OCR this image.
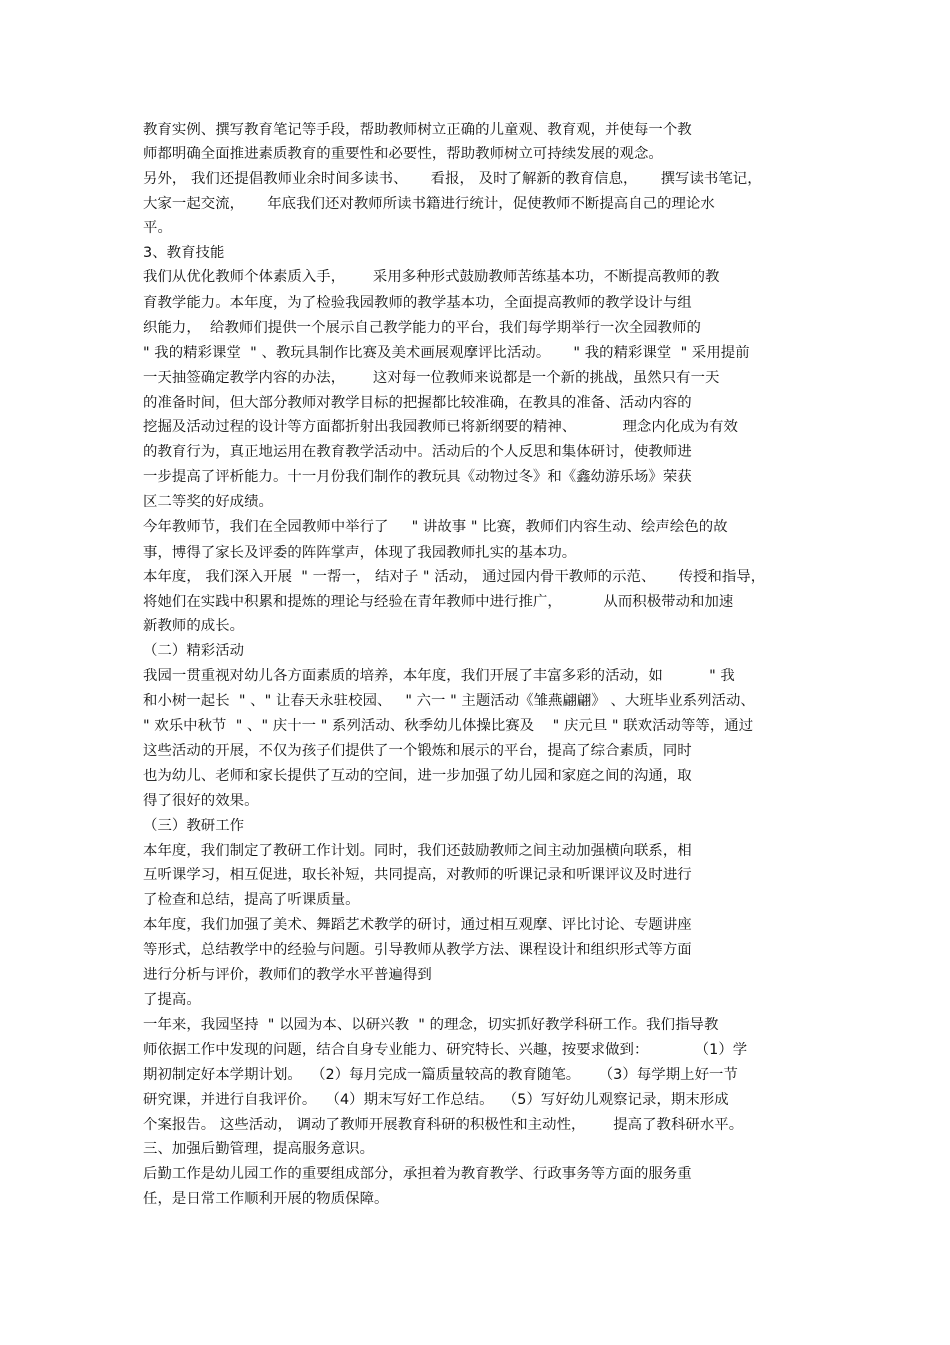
教育实例、撰写教育笔记等手段，帮助教师树立正确的儿童观、教育观，并使每一个教
师都明确全面推进素质教育的重要性和必要性，帮助教师树立可持续发展的观念。
另外， 我们还提倡教师业余时间多读书、     看报， 及时了解新的教育信息，     撰写读书笔记，
大家一起交流，     年底我们还对教师所读书籍进行统计，促使教师不断提高自己的理论水
平。
3、教育技能
我们从优化教师个体素质入手，      采用多种形式鼓励教师苦练基本功，不断提高教师的教
育教学能力。本年度，为了检验我园教师的教学基本功，全面提高教师的教学设计与组
织能力，  给教师们提供一个展示自己教学能力的平台，我们每学期举行一次全园教师的
" 我的精彩课堂  " 、教玩具制作比赛及美术画展观摩评比活动。     " 我的精彩课堂  " 采用提前
一天抽签确定教学内容的办法，      这对每一位教师来说都是一个新的挑战，虽然只有一天
的准备时间，但大部分教师对教学目标的把握都比较准确，在教具的准备、活动内容的
挖掘及活动过程的设计等方面都折射出我园教师已将新纲要的精神、          理念内化成为有效
的教育行为，真正地运用在教育教学活动中。活动后的个人反思和集体研讨，使教师进
一步提高了评析能力。十一月份我们制作的教玩具《动物过冬》和《鑫幼游乐场》荣获
区二等奖的好成绩。
今年教师节，我们在全园教师中举行了     " 讲故事 " 比赛，教师们内容生动、绘声绘色的故
事，博得了家长及评委的阵阵掌声，体现了我园教师扎实的基本功。
本年度， 我们深入开展  " 一帮一， 结对子 " 活动， 通过园内骨干教师的示范、     传授和指导，
将她们在实践中积累和提炼的理论与经验在青年教师中进行推广，         从而积极带动和加速
新教师的成长。
（二）精彩活动
我园一贯重视对幼儿各方面素质的培养，本年度，我们开展了丰富多彩的活动，如          " 我
和小树一起长  " 、" 让春天永驻校园、   " 六一 " 主题活动《雏燕翩翩》 、大班毕业系列活动、
" 欢乐中秋节  " 、" 庆十一 " 系列活动、秋季幼儿体操比赛及    " 庆元旦 " 联欢活动等等，通过
这些活动的开展，不仅为孩子们提供了一个锻炼和展示的平台，提高了综合素质，同时
也为幼儿、老师和家长提供了互动的空间，进一步加强了幼儿园和家庭之间的沟通，取
得了很好的效果。
（三）教研工作
本年度，我们制定了教研工作计划。同时，我们还鼓励教师之间主动加强横向联系，相
互听课学习，相互促进，取长补短，共同提高，对教师的听课记录和听课评议及时进行
了检查和总结，提高了听课质量。
本年度，我们加强了美术、舞蹈艺术教学的研讨，通过相互观摩、评比讨论、专题讲座
等形式，总结教学中的经验与问题。引导教师从教学方法、课程设计和组织形式等方面
进行分析与评价，教师们的教学水平普遍得到
了提高。
一年来，我园坚持  " 以园为本、以研兴教  " 的理念，切实抓好教学科研工作。我们指导教
师依据工作中发现的问题，结合自身专业能力、研究特长、兴趣，按要求做到：          （1）学
期初制定好本学期计划。  （2）每月完成一篇质量较高的教育随笔。    （3）每学期上好一节
研究课，并进行自我评价。  （4）期末写好工作总结。  （5）写好幼儿观察记录，期末形成
个案报告。 这些活动， 调动了教师开展教育科研的积极性和主动性，      提高了教科研水平。
三、加强后勤管理，提高服务意识。
后勤工作是幼儿园工作的重要组成部分，承担着为教育教学、行政事务等方面的服务重
任，是日常工作顺利开展的物质保障。
